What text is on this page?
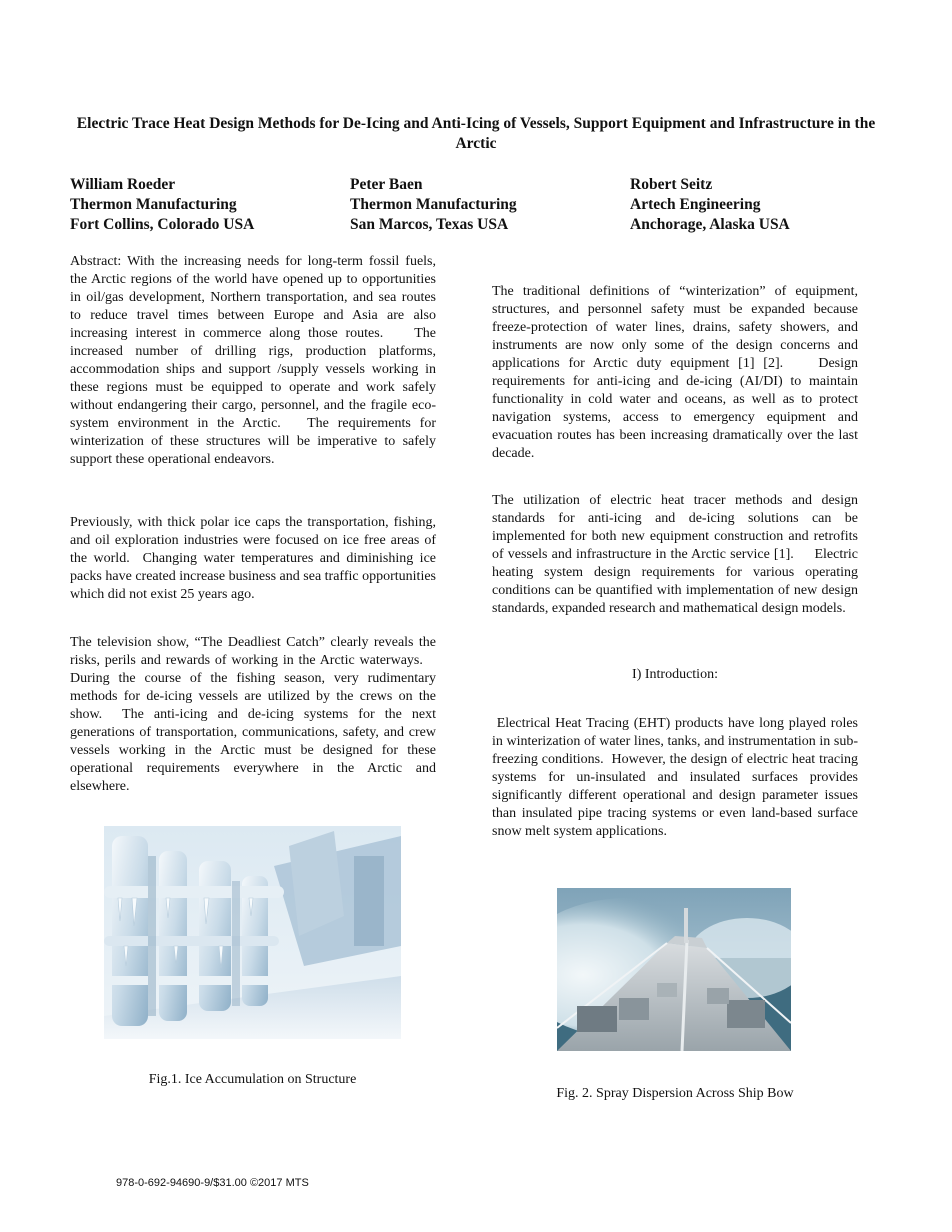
Electric Trace Heat Design Methods for De-Icing and Anti-Icing of Vessels, Support Equipment and Infrastructure in the Arctic
William Roeder
Thermon Manufacturing
Fort Collins, Colorado USA
Peter Baen
Thermon Manufacturing
San Marcos, Texas USA
Robert Seitz
Artech Engineering
Anchorage, Alaska USA

Abstract: With the increasing needs for long-term fossil fuels, the Arctic regions of the world have opened up to opportunities in oil/gas development, Northern transportation, and sea routes to reduce travel times between Europe and Asia are also increasing interest in commerce along those routes.    The increased number of drilling rigs, production platforms, accommodation ships and support /supply vessels working in these regions must be equipped to operate and work safely without endangering their cargo, personnel, and the fragile eco-system environment in the Arctic.   The requirements for winterization of these structures will be imperative to safely support these operational endeavors.

Previously, with thick polar ice caps the transportation, fishing, and oil exploration industries were focused on ice free areas of the world.  Changing water temperatures and diminishing ice packs have created increase business and sea traffic opportunities which did not exist 25 years ago.

The television show, “The Deadliest Catch” clearly reveals the risks, perils and rewards of working in the Arctic waterways.    During the course of the fishing season, very rudimentary methods for de-icing vessels are utilized by the crews on the show.  The anti-icing and de-icing systems for the next generations of transportation, communications, safety, and crew vessels working in the Arctic must be designed for these operational requirements everywhere in the Arctic and elsewhere.

Fig.1. Ice Accumulation on Structure

The traditional definitions of “winterization” of equipment, structures, and personnel safety must be expanded because freeze-protection of water lines, drains, safety showers, and instruments are now only some of the design concerns and applications for Arctic duty equipment [1] [2].    Design requirements for anti-icing and de-icing (AI/DI) to maintain functionality in cold water and oceans, as well as to protect navigation systems, access to emergency equipment and evacuation routes has been increasing dramatically over the last decade.

The utilization of electric heat tracer methods and design standards for anti-icing and de-icing solutions can be implemented for both new equipment construction and retrofits of vessels and infrastructure in the Arctic service [1].     Electric heating system design requirements for various operating conditions can be quantified with implementation of new design standards, expanded research and mathematical design models.

I) Introduction:

Electrical Heat Tracing (EHT) products have long played roles in winterization of water lines, tanks, and instrumentation in sub-freezing conditions.  However, the design of electric heat tracing systems for un-insulated and insulated surfaces provides significantly different operational and design parameter issues than insulated pipe tracing systems or even land-based surface snow melt system applications.

Fig. 2. Spray Dispersion Across Ship Bow
978-0-692-94690-9/$31.00 ©2017 MTS
